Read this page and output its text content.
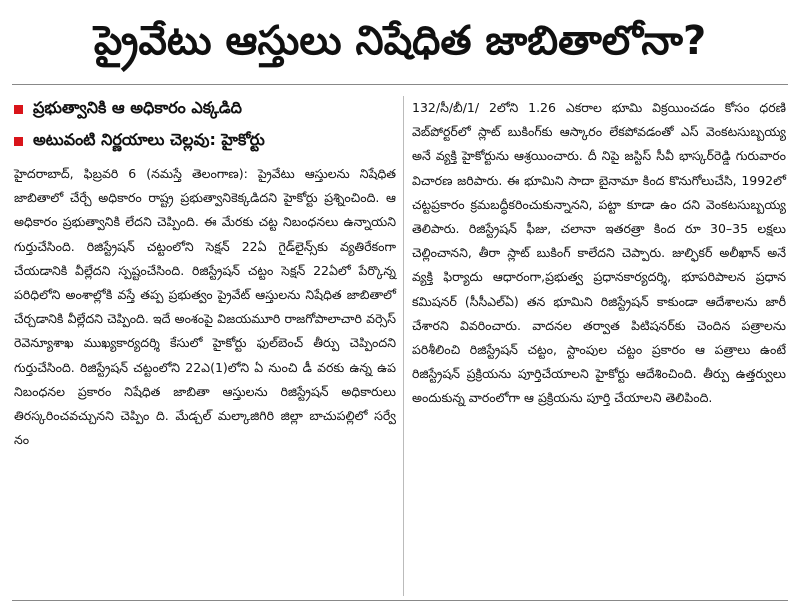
ప్రైవేటు ఆస్తులు నిషేధిత జాబితాలోనా?
ప్రభుత్వానికి ఆ అధికారం ఎక్కడిది
అటువంటి నిర్ణయాలు చెల్లవు: హైకోర్టు

హైదరాబాద్‌, ఫిబ్రవరి 6 (నమస్తే తెలంగాణ): ప్రైవేటు ఆస్తులను నిషేధిత జాబితాలో చేర్చే అధికారం రాష్ట్ర ప్రభుత్వానికెక్కడిదని హైకోర్టు ప్రశ్నించింది. ఆ అధికారం ప్రభుత్వానికి లేదని చెప్పింది. ఈ మేరకు చట్ట నిబంధనలు ఉన్నాయని గుర్తుచేసింది. రిజిస్ట్రేషన్‌ చట్టంలోని సెక్షన్‌ 22ఏ గైడ్‌లైన్స్‌కు వ్యతిరేకంగా చేయడానికి వీల్లేదని స్పష్టంచేసింది. రిజిస్ట్రేషన్‌ చట్టం సెక్షన్‌ 22ఏలో పేర్కొన్న పరిధిలోని అంశాల్లోకి వస్తే తప్ప ప్రభుత్వం ప్రైవేట్‌ ఆస్తులను నిషేధిత జాబితాలో చేర్చడానికి వీల్లేదని చెప్పింది. ఇదే అంశంపై విజయమూరి రాజగోపాలాచారి వర్సెస్‌ రెవెన్యూశాఖ ముఖ్యకార్యదర్శి కేసులో హైకోర్టు ఫుల్‌బెంచ్‌ తీర్పు చెప్పిందని గుర్తుచేసింది. రిజిస్ట్రేషన్‌ చట్టంలోని 22ఎ(1)లోని ఏ నుంచి డీ వరకు ఉన్న ఉప నిబంధనల ప్రకారం నిషేధిత జాబితా ఆస్తులను రిజిస్ట్రేషన్‌ అధికారులు తిరస్కరించవచ్చునని చెప్పిం ది. మేడ్చల్‌ మల్కాజిగిరి జిల్లా బాచుపల్లిలో సర్వే నం

132/సీ/బీ/1/ 2లోని 1.26 ఎకరాల భూమి విక్రయించడం కోసం ధరణి వెబ్‌పోర్టర్‌లో స్లాట్‌ బుకింగ్‌కు ఆస్కారం లేకపోవడంతో ఎస్‌ వెంకటసుబ్బయ్య అనే వ్యక్తి హైకోర్టును ఆశ్రయించారు. దీ నిపై జస్టిస్‌ సీవీ భాస్కర్‌రెడ్డి గురువారం విచారణ జరిపారు. ఈ భూమిని సాదా బైనామా కింద కొనుగోలుచేసి, 1992లో చట్టప్రకారం క్రమబద్ధీకరించుకున్నానని, పట్టా కూడా ఉం దని వెంకటసుబ్బయ్య తెలిపారు. రిజిస్ట్రేషన్‌ ఫీజు, చలానా ఇతరత్రా కింద రూ 30–35 లక్షలు చెల్లించానని, తీరా స్లాట్‌ బుకింగ్‌ కాలేదని చెప్పారు. జుల్ఫికర్‌ అలీఖాన్‌ అనే వ్యక్తి ఫిర్యాదు ఆధారంగా,ప్రభుత్వ ప్రధానకార్యదర్శి, భూపరిపాలన ప్రధాన కమిషనర్‌ (సీసీఎల్‌ఏ) తన భూమిని రిజిస్ట్రేషన్‌ కాకుండా ఆదేశాలను జారీ చేశారని వివరించారు. వాదనల తర్వాత పిటిషనర్‌కు చెందిన పత్రాలను పరిశీలించి రిజిస్ట్రేషన్‌ చట్టం, స్టాంపుల చట్టం ప్రకారం ఆ పత్రాలు ఉంటే రిజిస్ట్రేషన్‌ ప్రక్రియను పూర్తిచేయాలని హైకోర్టు ఆదేశించింది. తీర్పు ఉత్తర్వులు అందుకున్న వారంలోగా ఆ ప్రక్రియను పూర్తి చేయాలని తెలిపింది.
